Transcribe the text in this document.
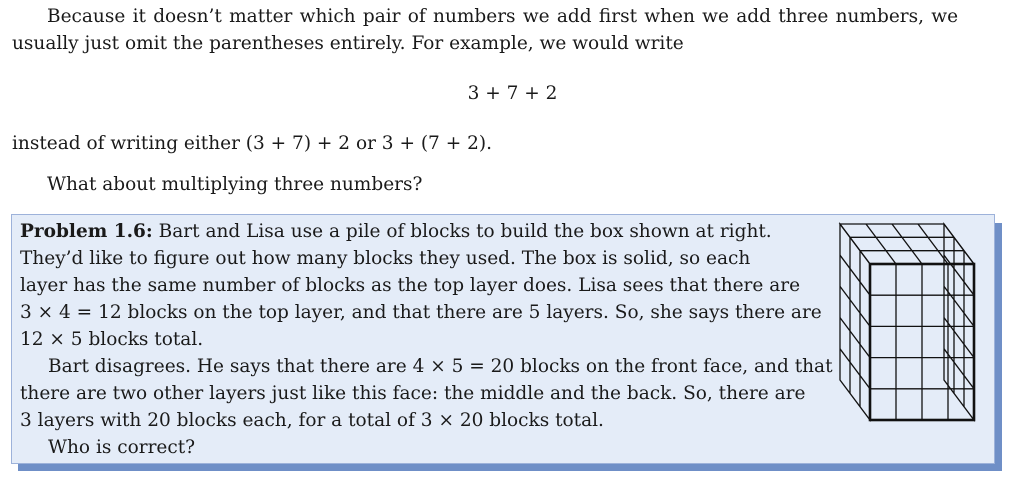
Because it doesn’t matter which pair of numbers we add first when we add three numbers, we

usually just omit the parentheses entirely. For example, we would write

3 + 7 + 2

instead of writing either (3 + 7) + 2 or 3 + (7 + 2).

What about multiplying three numbers?

Problem 1.6: Bart and Lisa use a pile of blocks to build the box shown at right.

They’d like to figure out how many blocks they used. The box is solid, so each

layer has the same number of blocks as the top layer does. Lisa sees that there are

3 × 4 = 12 blocks on the top layer, and that there are 5 layers. So, she says there are

12 × 5 blocks total.

Bart disagrees. He says that there are 4 × 5 = 20 blocks on the front face, and that

there are two other layers just like this face: the middle and the back. So, there are

3 layers with 20 blocks each, for a total of 3 × 20 blocks total.

Who is correct?
